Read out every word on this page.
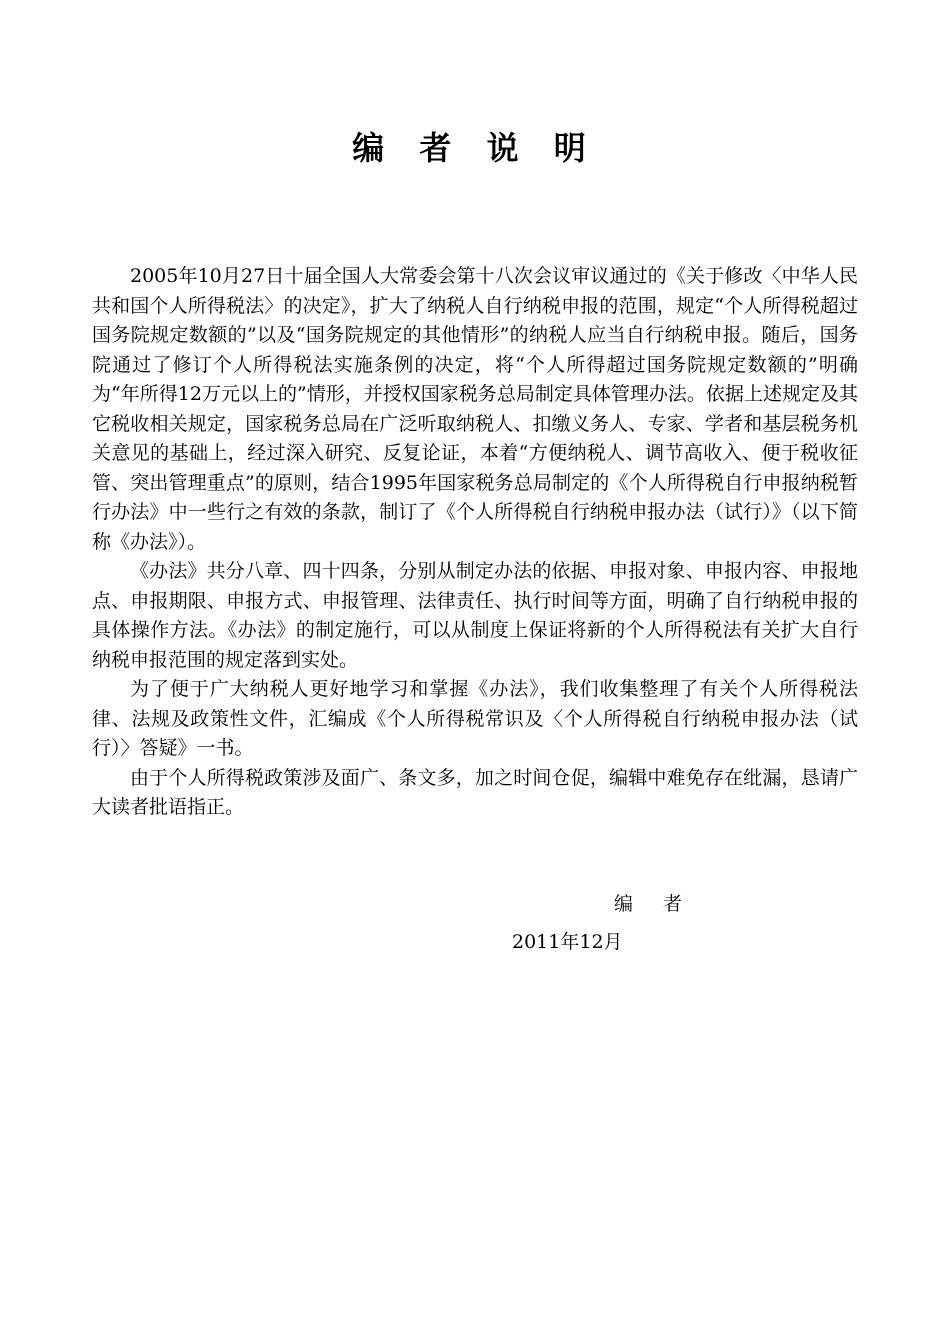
编 者 说 明

2005年10月27日十届全国人大常委会第十八次会议审议通过的《关于修改〈中华人民共和国个人所得税法〉的决定》，扩大了纳税人自行纳税申报的范围，规定“个人所得税超过国务院规定数额的”以及“国务院规定的其他情形”的纳税人应当自行纳税申报。随后，国务院通过了修订个人所得税法实施条例的决定，将“个人所得超过国务院规定数额的”明确为“年所得12万元以上的”情形，并授权国家税务总局制定具体管理办法。依据上述规定及其它税收相关规定，国家税务总局在广泛听取纳税人、扣缴义务人、专家、学者和基层税务机关意见的基础上，经过深入研究、反复论证，本着“方便纳税人、调节高收入、便于税收征管、突出管理重点”的原则，结合1995年国家税务总局制定的《个人所得税自行申报纳税暂行办法》中一些行之有效的条款，制订了《个人所得税自行纳税申报办法（试行）》（以下简称《办法》）。

《办法》共分八章、四十四条，分别从制定办法的依据、申报对象、申报内容、申报地点、申报期限、申报方式、申报管理、法律责任、执行时间等方面，明确了自行纳税申报的具体操作方法。《办法》的制定施行，可以从制度上保证将新的个人所得税法有关扩大自行纳税申报范围的规定落到实处。

为了便于广大纳税人更好地学习和掌握《办法》，我们收集整理了有关个人所得税法律、法规及政策性文件，汇编成《个人所得税常识及〈个人所得税自行纳税申报办法（试行）〉答疑》一书。

由于个人所得税政策涉及面广、条文多，加之时间仓促，编辑中难免存在纰漏，恳请广大读者批语指正。

编 者
2011年12月
